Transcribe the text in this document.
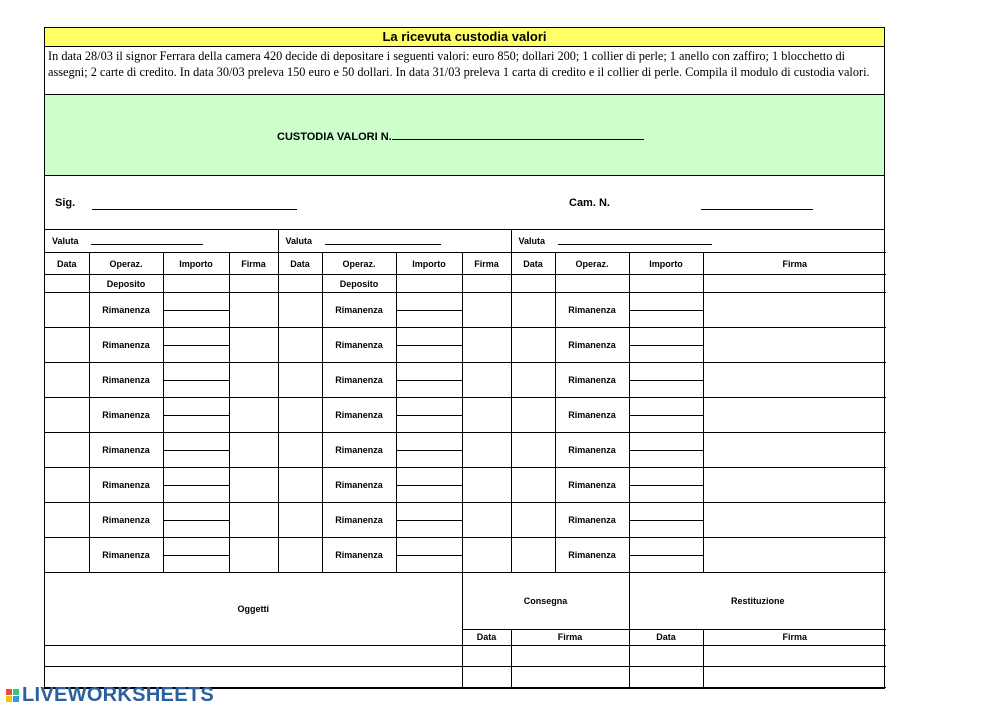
La ricevuta custodia valori
In data 28/03 il signor Ferrara della camera 420 decide di depositare i seguenti valori: euro 850; dollari 200; 1 collier di perle; 1 anello con zaffiro; 1 blocchetto di assegni; 2 carte di credito. In data 30/03 preleva 150 euro e 50 dollari. In data 31/03 preleva 1 carta di credito e il collier di perle. Compila il modulo di custodia valori.
CUSTODIA VALORI N.
Sig.	Cam. N.
Valuta				Valuta				Valuta			

Data	Operaz.	Importo	Firma	Data	Operaz.	Importo	Firma	Data	Operaz.	Importo	Firma
	Deposito				Deposito						
	Rimanenza				Rimanenza				Rimanenza	

	Rimanenza				Rimanenza				Rimanenza	

	Rimanenza				Rimanenza				Rimanenza	

	Rimanenza				Rimanenza				Rimanenza	

	Rimanenza				Rimanenza				Rimanenza	

	Rimanenza				Rimanenza				Rimanenza	

	Rimanenza				Rimanenza				Rimanenza	

	Rimanenza				Rimanenza				Rimanenza	

Oggetti	Consegna		Restituzione	
	Data	Firma	Data	Firma

LIVEWORKSHEETS
